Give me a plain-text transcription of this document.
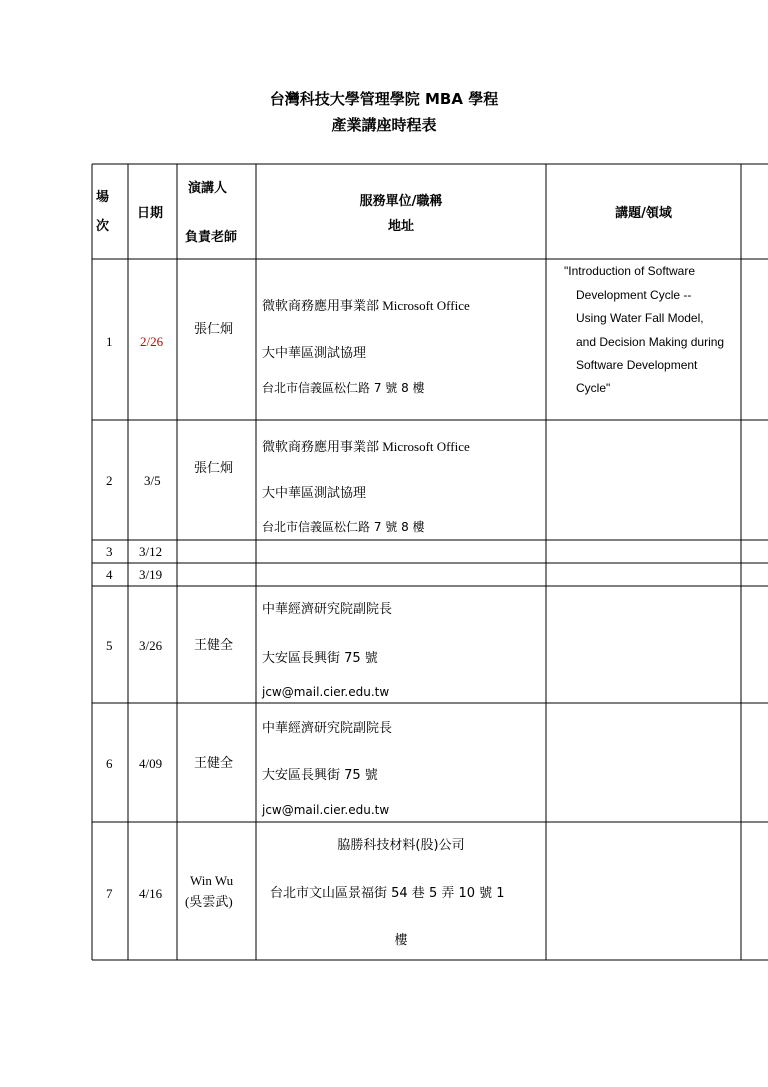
台灣科技大學管理學院 MBA 學程
產業講座時程表
場
次
日期
演講人
負責老師
服務單位/職稱
地址
講題/領域
1 2/26
張仁炯
微軟商務應用事業部 Microsoft Office
大中華區測試協理
台北市信義區松仁路 7 號 8 樓
"Introduction of Software
Development Cycle --
Using Water Fall Model,
and Decision Making during
Software Development
Cycle"
2 3/5
張仁炯
微軟商務應用事業部 Microsoft Office
大中華區測試協理
台北市信義區松仁路 7 號 8 樓
3 3/12
4 3/19
5 3/26 王健全
中華經濟研究院副院長
大安區長興街 75 號
jcw@mail.cier.edu.tw
6 4/09 王健全
中華經濟研究院副院長
大安區長興街 75 號
jcw@mail.cier.edu.tw
7 4/16
Win Wu
(吳雲武)
脇勝科技材料(股)公司
台北市文山區景福街 54 巷 5 弄 10 號 1
樓
